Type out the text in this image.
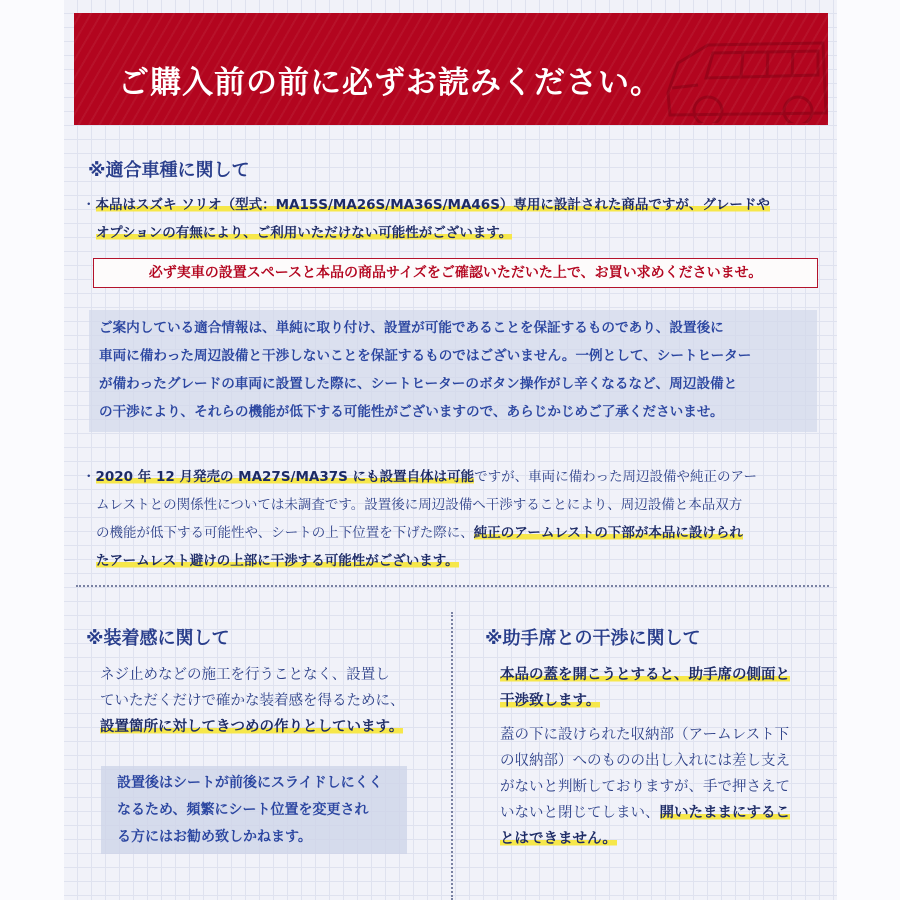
ご購入前の前に必ずお読みください。
※適合車種に関して
・本品はスズキ ソリオ（型式：MA15S/MA26S/MA36S/MA46S）専用に設計された商品ですが、グレードや
オプションの有無により、ご利用いただけない可能性がございます。
必ず実車の設置スペースと本品の商品サイズをご確認いただいた上で、お買い求めくださいませ。

ご案内している適合情報は、単純に取り付け、設置が可能であることを保証するものであり、設置後に

車両に備わった周辺設備と干渉しないことを保証するものではございません。一例として、シートヒーター

が備わったグレードの車両に設置した際に、シートヒーターのボタン操作がし辛くなるなど、周辺設備と

の干渉により、それらの機能が低下する可能性がございますので、あらじかじめご了承くださいませ。

・2020 年 12 月発売の MA27S/MA37S にも設置自体は可能ですが、車両に備わった周辺設備や純正のアー
ムレストとの関係性については未調査です。設置後に周辺設備へ干渉することにより、周辺設備と本品双方
の機能が低下する可能性や、シートの上下位置を下げた際に、純正のアームレストの下部が本品に設けられ
たアームレスト避けの上部に干渉する可能性がございます。
※装着感に関して
ネジ止めなどの施工を行うことなく、設置し
ていただくだけで確かな装着感を得るために、
設置箇所に対してきつめの作りとしています。

設置後はシートが前後にスライドしにくく

なるため、頻繁にシート位置を変更され

る方にはお勧め致しかねます。

※助手席との干渉に関して
本品の蓋を開こうとすると、助手席の側面と
干渉致します。
蓋の下に設けられた収納部（アームレスト下
の収納部）へのものの出し入れには差し支え
がないと判断しておりますが、手で押さえて
いないと閉じてしまい、開いたままにするこ
とはできません。
